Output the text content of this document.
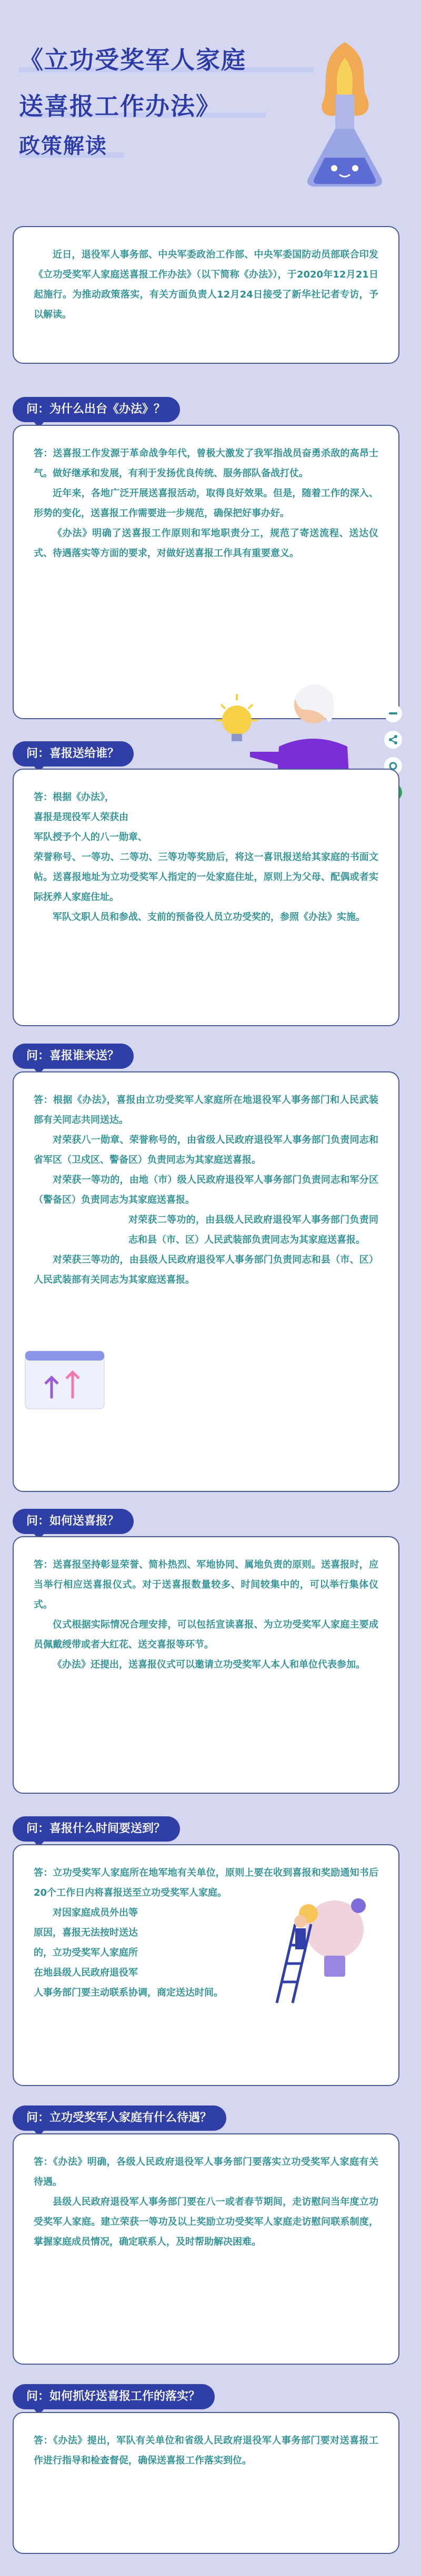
《立功受奖军人家庭
送喜报工作办法》
政策解读

近日，退役军人事务部、中央军委政治工作部、中央军委国防动员部联合印发《立功受奖军人家庭送喜报工作办法》（以下简称《办法》），于2020年12月21日起施行。为推动政策落实，有关方面负责人12月24日接受了新华社记者专访，予以解读。

问：为什么出台《办法》？

答：送喜报工作发源于革命战争年代，曾极大激发了我军指战员奋勇杀敌的高昂士气。做好继承和发展，有利于发扬优良传统、服务部队备战打仗。

近年来，各地广泛开展送喜报活动，取得良好效果。但是，随着工作的深入、形势的变化，送喜报工作需要进一步规范，确保把好事办好。

《办法》明确了送喜报工作原则和军地职责分工，规范了寄送流程、送达仪式、待遇落实等方面的要求，对做好送喜报工作具有重要意义。

问：喜报送给谁？

答：根据《办法》，

喜报是现役军人荣获由

军队授予个人的八一勋章、

荣誉称号、一等功、二等功、三等功等奖励后，将这一喜讯报送给其家庭的书面文帖。送喜报地址为立功受奖军人指定的一处家庭住址，原则上为父母、配偶或者实际抚养人家庭住址。

军队文职人员和参战、支前的预备役人员立功受奖的，参照《办法》实施。

问：喜报谁来送？

答：根据《办法》，喜报由立功受奖军人家庭所在地退役军人事务部门和人民武装部有关同志共同送达。

对荣获八一勋章、荣誉称号的，由省级人民政府退役军人事务部门负责同志和省军区（卫戍区、警备区）负责同志为其家庭送喜报。

对荣获一等功的，由地（市）级人民政府退役军人事务部门负责同志和军分区（警备区）负责同志为其家庭送喜报。

对荣获二等功的，由县级人民政府退役军人事务部门负责同志和县（市、区）人民武装部负责同志为其家庭送喜报。

对荣获三等功的，由县级人民政府退役军人事务部门负责同志和县（市、区）人民武装部有关同志为其家庭送喜报。

问：如何送喜报？

答：送喜报坚持彰显荣誉、简朴热烈、军地协同、属地负责的原则。送喜报时，应当举行相应送喜报仪式。对于送喜报数量较多、时间较集中的，可以举行集体仪式。

仪式根据实际情况合理安排，可以包括宣读喜报、为立功受奖军人家庭主要成员佩戴绶带或者大红花、送交喜报等环节。

《办法》还提出，送喜报仪式可以邀请立功受奖军人本人和单位代表参加。

问：喜报什么时间要送到？

答：立功受奖军人家庭所在地军地有关单位，原则上要在收到喜报和奖励通知书后20个工作日内将喜报送至立功受奖军人家庭。

对因家庭成员外出等

原因，喜报无法按时送达

的，立功受奖军人家庭所

在地县级人民政府退役军

人事务部门要主动联系协调，商定送达时间。

问：立功受奖军人家庭有什么待遇？

答：《办法》明确，各级人民政府退役军人事务部门要落实立功受奖军人家庭有关待遇。

县级人民政府退役军人事务部门要在八一或者春节期间，走访慰问当年度立功受奖军人家庭。建立荣获一等功及以上奖励立功受奖军人家庭走访慰问联系制度，掌握家庭成员情况，确定联系人，及时帮助解决困难。

问：如何抓好送喜报工作的落实？

答：《办法》提出，军队有关单位和省级人民政府退役军人事务部门要对送喜报工作进行指导和检查督促，确保送喜报工作落实到位。
